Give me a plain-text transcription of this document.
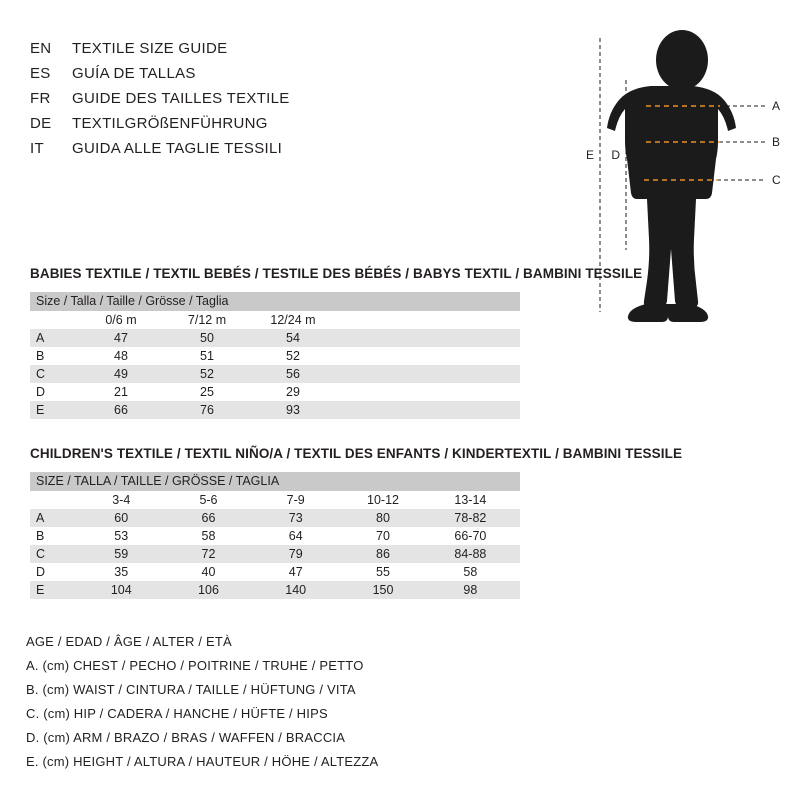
EN	TEXTILE SIZE GUIDE
ES	GUÍA DE TALLAS
FR	GUIDE DES TAILLES TEXTILE
DE	TEXTILGRÖßENFÜHRUNG
IT	GUIDA ALLE TAGLIE TESSILI
A
B
C
D
E
BABIES TEXTILE / TEXTIL BEBÉS / TESTILE DES BÉBÉS / BABYS TEXTIL / BAMBINI TESSILE
Size / Talla / Taille / Grösse / Taglia				
	0/6 m	7/12 m	12/24 m	
A	47	50	54	
B	48	51	52	
C	49	52	56	
D	21	25	29	
E	66	76	93	
CHILDREN'S TEXTILE / TEXTIL NIÑO/A / TEXTIL DES ENFANTS / KINDERTEXTIL / BAMBINI TESSILE
SIZE / TALLA / TAILLE / GRÖSSE / TAGLIA						
	3-4	5-6	7-9	10-12	13-14	
A	60	66	73	80	78-82	
B	53	58	64	70	66-70	
C	59	72	79	86	84-88	
D	35	40	47	55	58	
E	104	106	140	150	98	
AGE / EDAD / ÂGE / ALTER / ETÀ
A. (cm) CHEST / PECHO / POITRINE / TRUHE / PETTO
B. (cm) WAIST / CINTURA / TAILLE / HÜFTUNG / VITA
C. (cm) HIP / CADERA / HANCHE / HÜFTE / HIPS
D. (cm) ARM / BRAZO / BRAS / WAFFEN / BRACCIA
E. (cm) HEIGHT / ALTURA / HAUTEUR / HÖHE / ALTEZZA
